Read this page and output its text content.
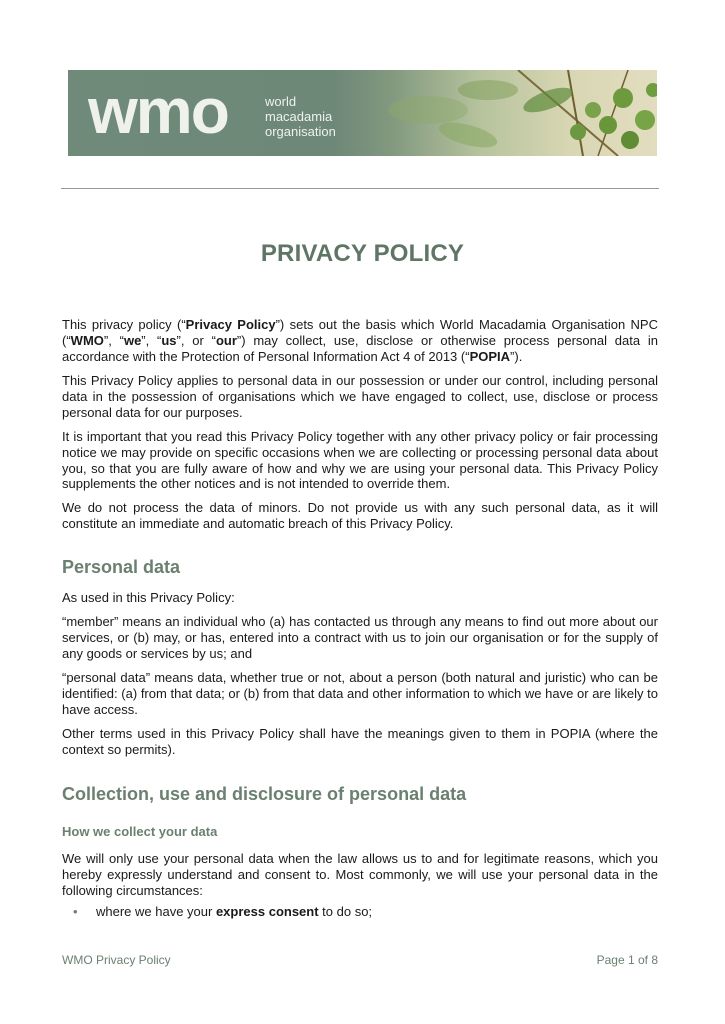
wmo	world
macadamia
organisation
PRIVACY POLICY

This privacy policy (“Privacy Policy”) sets out the basis which World Macadamia Organisation NPC (“WMO”, “we”, “us”, or “our”) may collect, use, disclose or otherwise process personal data in accordance with the Protection of Personal Information Act 4 of 2013 (“POPIA”).

This Privacy Policy applies to personal data in our possession or under our control, including personal data in the possession of organisations which we have engaged to collect, use, disclose or process personal data for our purposes.

It is important that you read this Privacy Policy together with any other privacy policy or fair processing notice we may provide on specific occasions when we are collecting or processing personal data about you, so that you are fully aware of how and why we are using your personal data. This Privacy Policy supplements the other notices and is not intended to override them.

We do not process the data of minors. Do not provide us with any such personal data, as it will constitute an immediate and automatic breach of this Privacy Policy.

Personal data

As used in this Privacy Policy:

“member” means an individual who (a) has contacted us through any means to find out more about our services, or (b) may, or has, entered into a contract with us to join our organisation or for the supply of any goods or services by us; and

“personal data” means data, whether true or not, about a person (both natural and juristic) who can be identified: (a) from that data; or (b) from that data and other information to which we have or are likely to have access.

Other terms used in this Privacy Policy shall have the meanings given to them in POPIA (where the context so permits).

Collection, use and disclosure of personal data
How we collect your data

We will only use your personal data when the law allows us to and for legitimate reasons, which you hereby expressly understand and consent to. Most commonly, we will use your personal data in the following circumstances:

• where we have your express consent to do so;

WMO Privacy Policy	Page 1 of 8
